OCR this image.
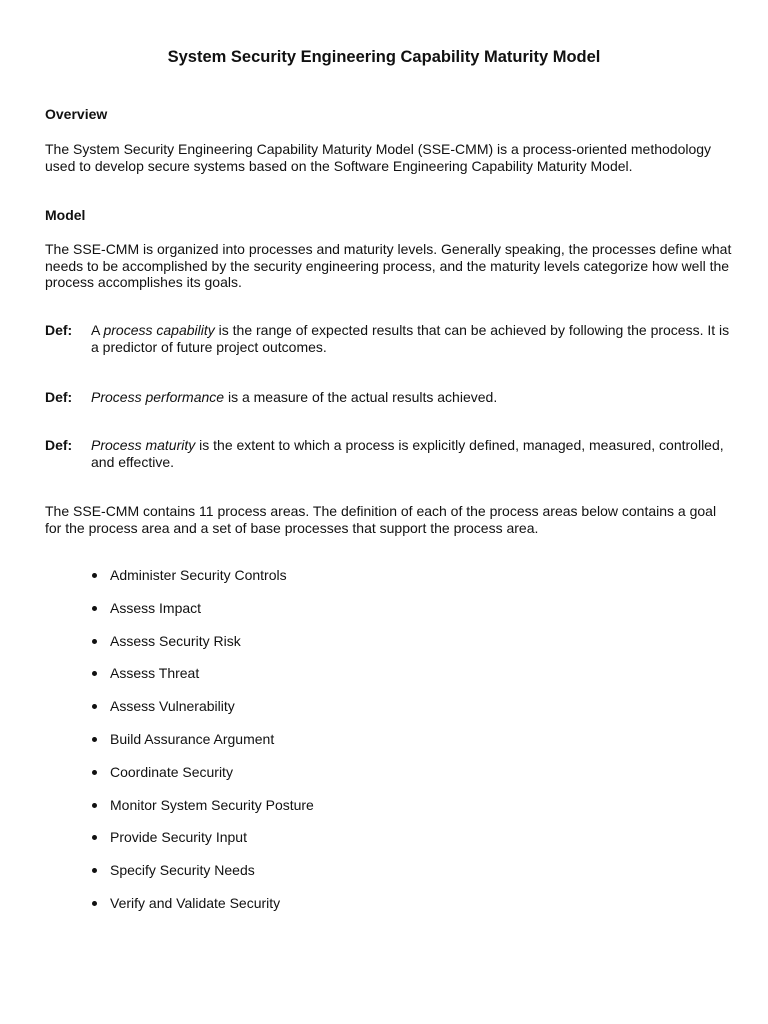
System Security Engineering Capability Maturity Model
Overview

The System Security Engineering Capability Maturity Model (SSE-CMM) is a process-oriented methodology used to develop secure systems based on the Software Engineering Capability Maturity Model.

Model

The SSE-CMM is organized into processes and maturity levels. Generally speaking, the processes define what needs to be accomplished by the security engineering process, and the maturity levels categorize how well the process accomplishes its goals.

Def: A process capability is the range of expected results that can be achieved by following the process. It is a predictor of future project outcomes.
Def: Process performance is a measure of the actual results achieved.
Def: Process maturity is the extent to which a process is explicitly defined, managed, measured, controlled, and effective.

The SSE-CMM contains 11 process areas. The definition of each of the process areas below contains a goal for the process area and a set of base processes that support the process area.

Administer Security Controls
Assess Impact
Assess Security Risk
Assess Threat
Assess Vulnerability
Build Assurance Argument
Coordinate Security
Monitor System Security Posture
Provide Security Input
Specify Security Needs
Verify and Validate Security
